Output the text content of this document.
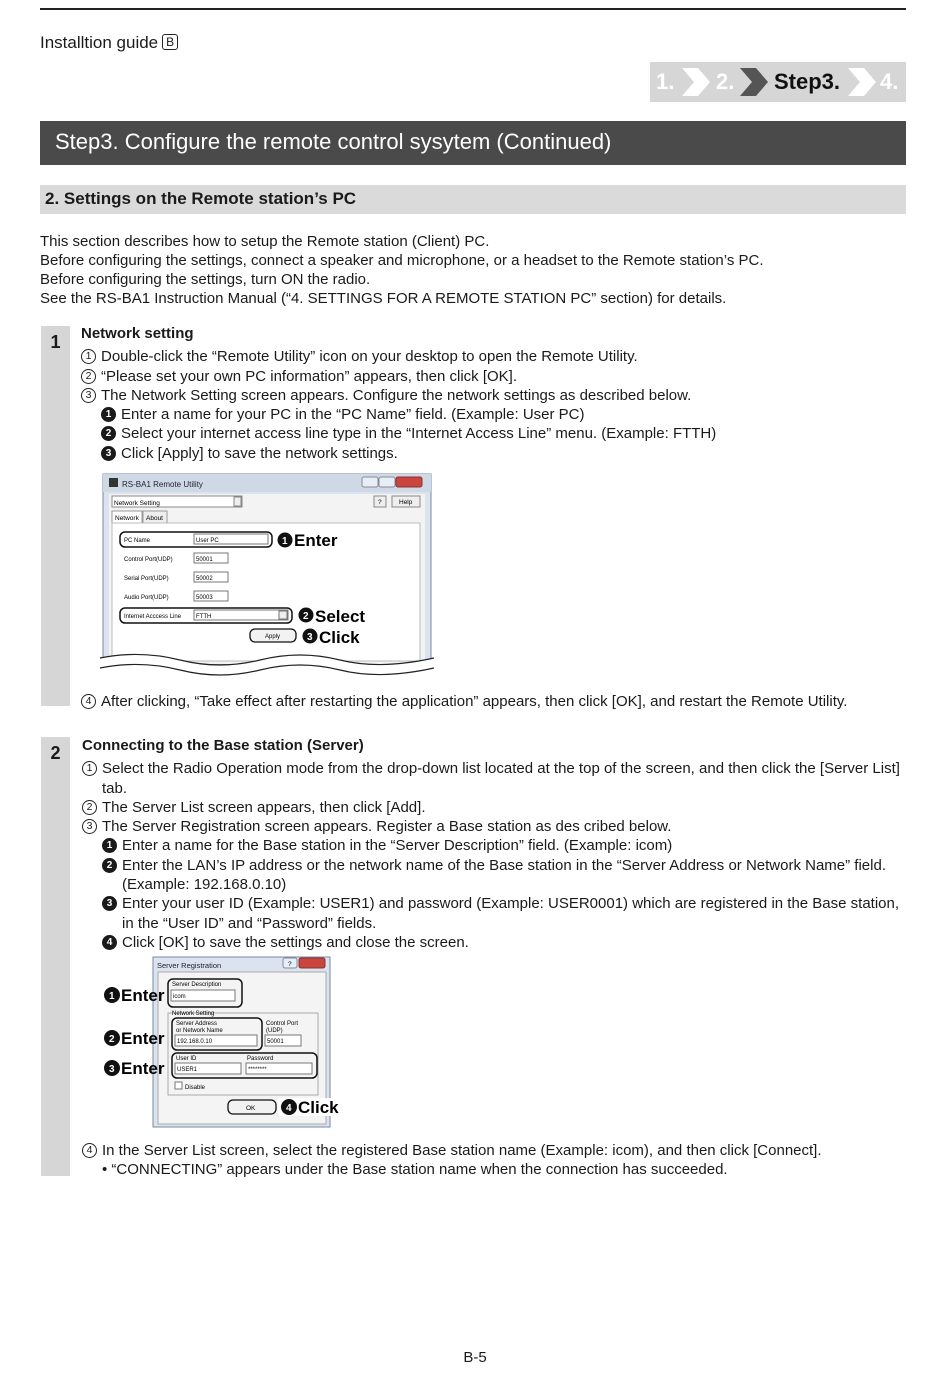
Installtion guide B
1. 2. Step3. 4.
Step3. Configure the remote control sysytem (Continued)
2. Settings on the Remote station’s PC
This section describes how to setup the Remote station (Client) PC.
Before configuring the settings, connect a speaker and microphone, or a headset to the Remote station’s PC.
Before configuring the settings, turn ON the radio.
See the RS-BA1 Instruction Manual (“4. SETTINGS FOR A REMOTE STATION PC” section) for details.
1	Network setting
1 Double-click the “Remote Utility” icon on your desktop to open the Remote Utility.
2 “Please set your own PC information” appears, then click [OK].
3 The Network Setting screen appears. Configure the network settings as described below.
1 Enter a name for your PC in the “PC Name” field. (Example: User PC)
2 Select your internet access line type in the “Internet Access Line” menu. (Example: FTTH)
3 Click [Apply] to save the network settings.
RS-BA1 Remote Utility
Network Setting	?	Help
Network About
PC Name	User PC
Control Port(UDP)	50001
Serial Port(UDP)	50002
Audio Port(UDP)	50003
Internet Acccess Line FTTH
Apply
1 Enter
2 Select
3 Click
4 After clicking, “Take effect after restarting the application” appears, then click [OK], and restart the Remote Utility.
2	Connecting to the Base station (Server)
1 Select the Radio Operation mode from the drop-down list located at the top of the screen, and then click the [Server List] tab.
2 The Server List screen appears, then click [Add].
3 The Server Registration screen appears. Register a Base station as des cribed below.
1 Enter a name for the Base station in the “Server Description” field. (Example: icom)
2 Enter the LAN’s IP address or the network name of the Base station in the “Server Address or Network Name” field. (Example: 192.168.0.10)
3 Enter your user ID (Example: USER1) and password (Example: USER0001) which are registered in the Base station, in the “User ID” and “Password” fields.
4 Click [OK] to save the settings and close the screen.
Server Registration	?
Server Description
icom
Network Setting
Server Address
or Network Name
192.168.0.10
Control Port
(UDP)
50001
User ID
USER1
Password
********
Disable
OK
1 Enter
2 Enter
3 Enter
4 Click
4 In the Server List screen, select the registered Base station name (Example: icom), and then click [Connect].
• “CONNECTING” appears under the Base station name when the connection has succeeded.
B-5
